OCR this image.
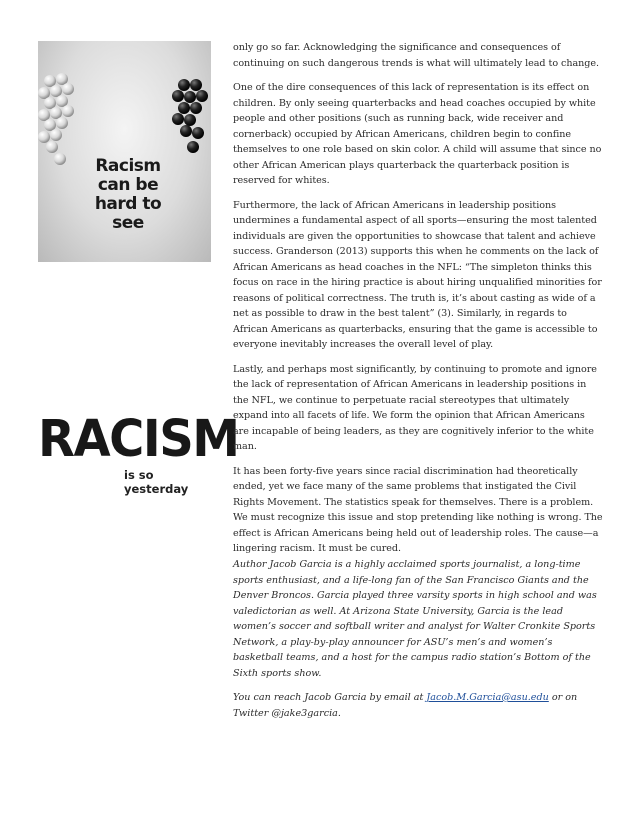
Racism
can be
hard to see
RACISM
is so yesterday

only go so far. Acknowledging the significance and consequences of continuing on such dangerous trends is what will ultimately lead to change.

One of the dire consequences of this lack of representation is its effect on children. By only seeing quarterbacks and head coaches occupied by white people and other positions (such as running back, wide receiver and cornerback) occupied by African Americans, children begin to confine themselves to one role based on skin color. A child will assume that since no other African American plays quarterback the quarterback position is reserved for whites.

Furthermore, the lack of African Americans in leadership positions undermines a fundamental aspect of all sports—ensuring the most talented individuals are given the opportunities to showcase that talent and achieve success. Granderson (2013) supports this when he comments on the lack of African Americans as head coaches in the NFL: “The simpleton thinks this focus on race in the hiring practice is about hiring unqualified minorities for reasons of political correctness. The truth is, it’s about casting as wide of a net as possible to draw in the best talent” (3). Similarly, in regards to African Americans as quarterbacks, ensuring that the game is accessible to everyone inevitably increases the overall level of play.

Lastly, and perhaps most significantly, by continuing to promote and ignore the lack of representation of African Americans in leadership positions in the NFL, we continue to perpetuate racial stereotypes that ultimately expand into all facets of life. We form the opinion that African Americans are incapable of being leaders, as they are cognitively inferior to the white man.

It has been forty-five years since racial discrimination had theoretically ended, yet we face many of the same problems that instigated the Civil Rights Movement. The statistics speak for themselves. There is a problem. We must recognize this issue and stop pretending like nothing is wrong. The effect is African Americans being held out of leadership roles. The cause—a lingering racism. It must be cured.

Author Jacob Garcia is a highly acclaimed sports journalist, a long-time sports enthusiast, and a life-long fan of the San Francisco Giants and the Denver Broncos. Garcia played three varsity sports in high school and was valedictorian as well. At Arizona State University, Garcia is the lead women’s soccer and softball writer and analyst for Walter Cronkite Sports Network, a play-by-play announcer for ASU’s men’s and women’s basketball teams, and a host for the campus radio station’s Bottom of the Sixth sports show.

You can reach Jacob Garcia by email at Jacob.M.Garcia@asu.edu or on Twitter @jake3garcia.
